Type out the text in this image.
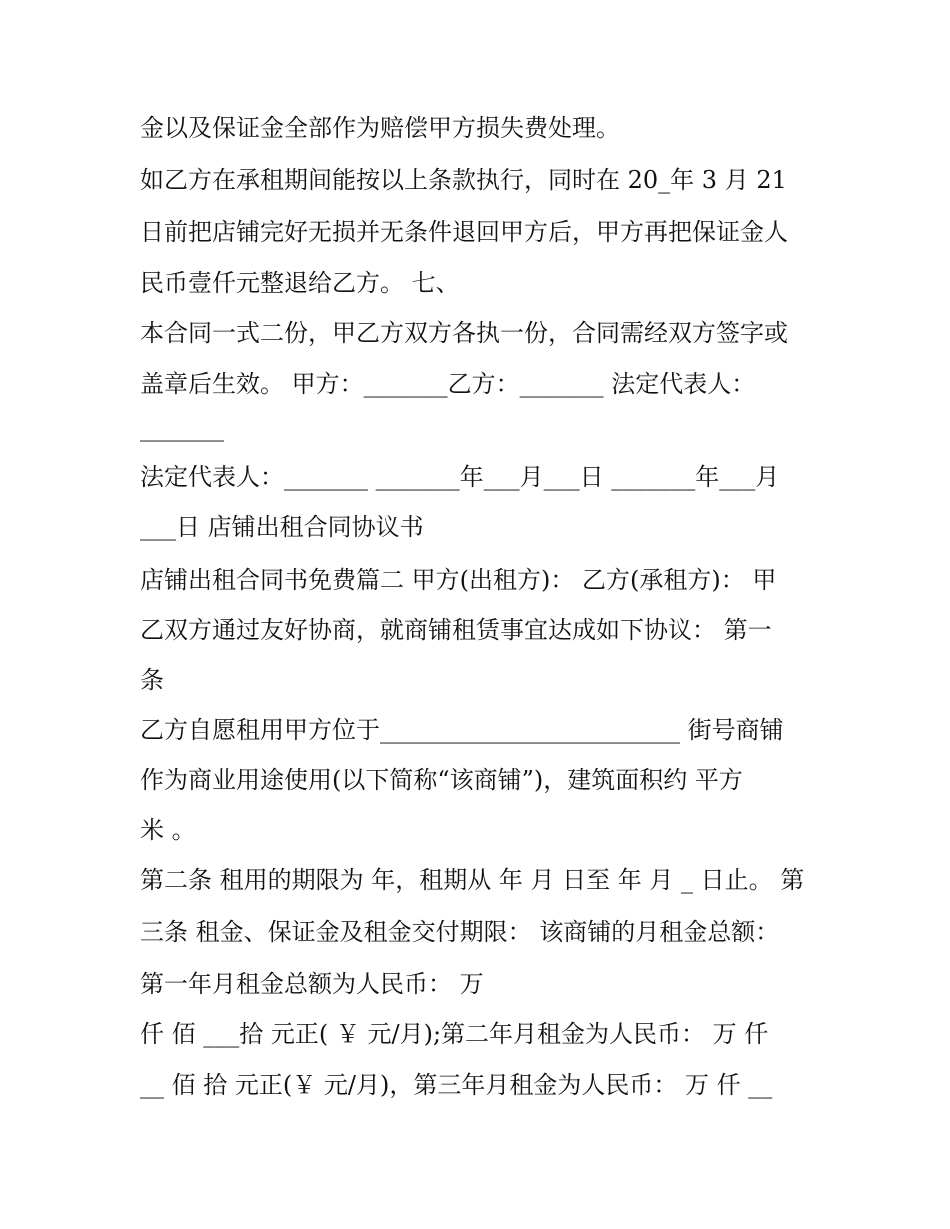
金以及保证金全部作为赔偿甲方损失费处理。
如乙方在承租期间能按以上条款执行，同时在 20_年 3 月 21
日前把店铺完好无损并无条件退回甲方后，甲方再把保证金人
民币壹仟元整退给乙方。 七、
本合同一式二份，甲乙方双方各执一份，合同需经双方签字或
盖章后生效。 甲方：_______乙方：_______ 法定代表人：
_______
法定代表人：_______ _______年___月___日 _______年___月
___日 店铺出租合同协议书
店铺出租合同书免费篇二 甲方(出租方)： 乙方(承租方)： 甲
乙双方通过友好协商，就商铺租赁事宜达成如下协议： 第一
条
乙方自愿租用甲方位于_________________________ 街号商铺
作为商业用途使用(以下简称“该商铺”)，建筑面积约 平方
米 。
第二条 租用的期限为 年，租期从 年 月 日至 年 月 _ 日止。 第
三条 租金、保证金及租金交付期限： 该商铺的月租金总额：
第一年月租金总额为人民币： 万
仟 佰 ___拾 元正( ￥ 元/月);第二年月租金为人民币： 万 仟
__ 佰 拾 元正(￥ 元/月)，第三年月租金为人民币： 万 仟 __
